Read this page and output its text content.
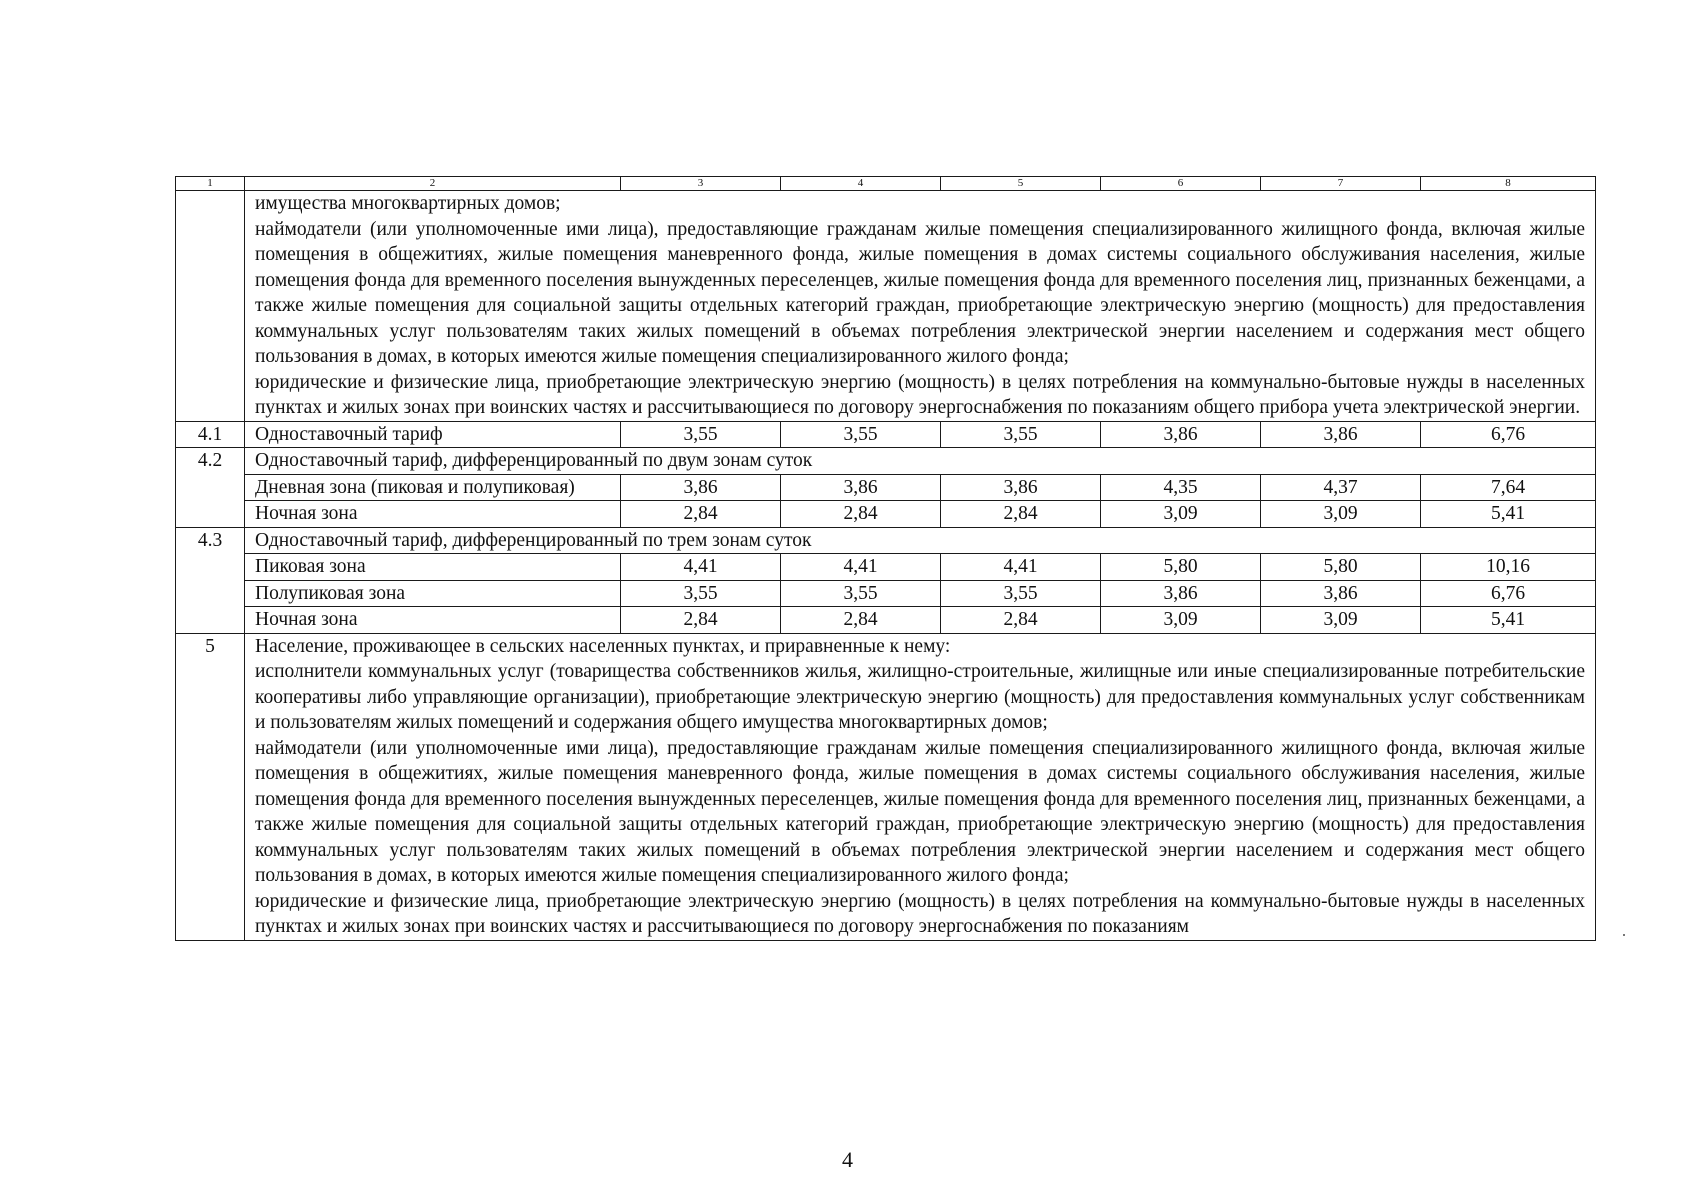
1	2	3	4	5	6	7	8

	имущества многоквартирных домов;

наймодатели (или уполномоченные ими лица), предоставляющие гражданам жилые помещения специализированного жилищного фонда, включая жилые помещения в общежитиях, жилые помещения маневренного фонда, жилые помещения в домах системы социального обслуживания населения, жилые помещения фонда для временного поселения вынужденных переселенцев, жилые помещения фонда для временного поселения лиц, признанных беженцами, а также жилые помещения для социальной защиты отдельных категорий граждан, приобретающие электрическую энергию (мощность) для предоставления коммунальных услуг пользователям таких жилых помещений в объемах потребления электрической энергии населением и содержания мест общего пользования в домах, в которых имеются жилые помещения специализированного жилого фонда;

юридические и физические лица, приобретающие электрическую энергию (мощность) в целях потребления на коммунально-бытовые нужды в населенных пунктах и жилых зонах при воинских частях и рассчитывающиеся по договору энергоснабжения по показаниям общего прибора учета электрической энергии.						

4.1	Одноставочный тариф	3,55	3,55	3,55	3,86	3,86	6,76
4.2	Одноставочный тариф, дифференцированный по двум зонам суток						
	Дневная зона (пиковая и полупиковая)	3,86	3,86	3,86	4,35	4,37	7,64
	Ночная зона	2,84	2,84	2,84	3,09	3,09	5,41
4.3	Одноставочный тариф, дифференцированный по трем зонам суток						
	Пиковая зона	4,41	4,41	4,41	5,80	5,80	10,16
	Полупиковая зона	3,55	3,55	3,55	3,86	3,86	6,76
	Ночная зона	2,84	2,84	2,84	3,09	3,09	5,41
5	Население, проживающее в сельских населенных пунктах, и приравненные к нему:

исполнители коммунальных услуг (товарищества собственников жилья, жилищно-строительные, жилищные или иные специализированные потребительские кооперативы либо управляющие организации), приобретающие электрическую энергию (мощность) для предоставления коммунальных услуг собственникам и пользователям жилых помещений и содержания общего имущества многоквартирных домов;

наймодатели (или уполномоченные ими лица), предоставляющие гражданам жилые помещения специализированного жилищного фонда, включая жилые помещения в общежитиях, жилые помещения маневренного фонда, жилые помещения в домах системы социального обслуживания населения, жилые помещения фонда для временного поселения вынужденных переселенцев, жилые помещения фонда для временного поселения лиц, признанных беженцами, а также жилые помещения для социальной защиты отдельных категорий граждан, приобретающие электрическую энергию (мощность) для предоставления коммунальных услуг пользователям таких жилых помещений в объемах потребления электрической энергии населением и содержания мест общего пользования в домах, в которых имеются жилые помещения специализированного жилого фонда;

юридические и физические лица, приобретающие электрическую энергию (мощность) в целях потребления на коммунально-бытовые нужды в населенных пунктах и жилых зонах при воинских частях и рассчитывающиеся по договору энергоснабжения по показаниям						

4
